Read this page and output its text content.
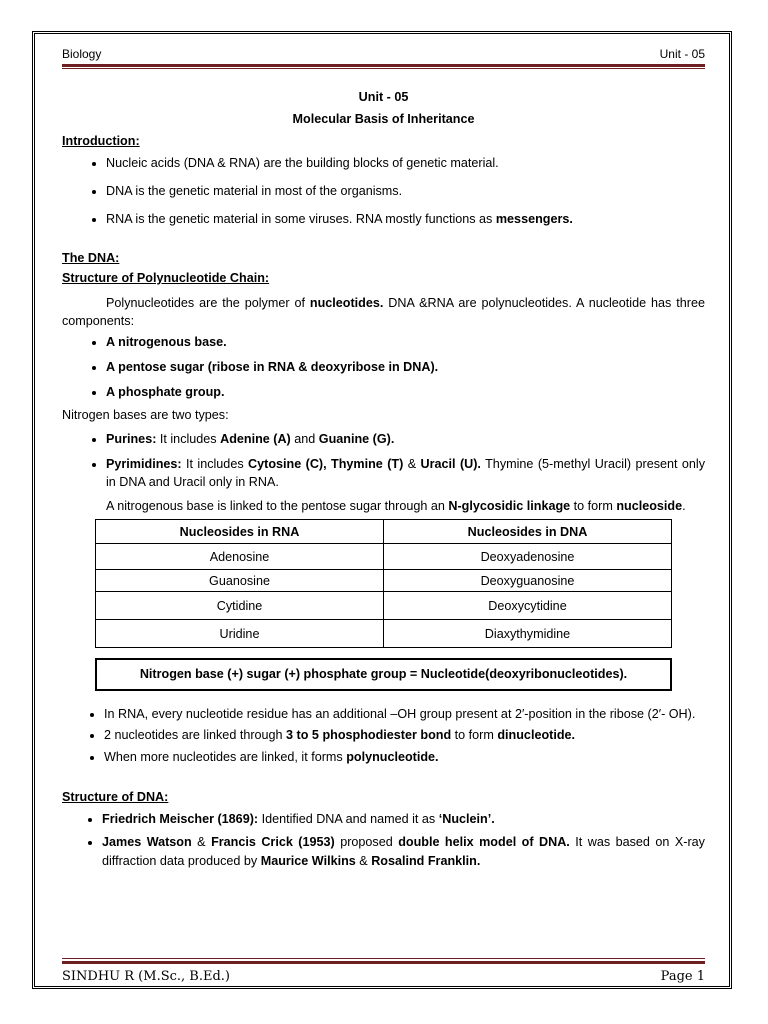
Biology	Unit - 05

Unit - 05

Molecular Basis of Inheritance

Introduction:

• Nucleic acids (DNA & RNA) are the building blocks of genetic material.
• DNA is the genetic material in most of the organisms.
• RNA is the genetic material in some viruses. RNA mostly functions as messengers.

The DNA:

Structure of Polynucleotide Chain:

Polynucleotides are the polymer of nucleotides. DNA &RNA are polynucleotides. A nucleotide has three components:

• A nitrogenous base.
• A pentose sugar (ribose in RNA & deoxyribose in DNA).
• A phosphate group.

Nitrogen bases are two types:

• Purines: It includes Adenine (A) and Guanine (G).
• Pyrimidines: It includes Cytosine (C), Thymine (T) & Uracil (U). Thymine (5-methyl Uracil) present only in DNA and Uracil only in RNA.

A nitrogenous base is linked to the pentose sugar through an N-glycosidic linkage to form nucleoside.

Nucleosides in RNA	Nucleosides in DNA
Adenosine	Deoxyadenosine
Guanosine	Deoxyguanosine
Cytidine	Deoxycytidine
Uridine	Diaxythymidine
Nitrogen base (+) sugar (+) phosphate group = Nucleotide(deoxyribonucleotides).
• In RNA, every nucleotide residue has an additional –OH group present at 2′-position in the ribose (2′- OH).
• 2 nucleotides are linked through 3 to 5 phosphodiester bond to form dinucleotide.
• When more nucleotides are linked, it forms polynucleotide.

Structure of DNA:

• Friedrich Meischer (1869): Identified DNA and named it as ‘Nuclein’.
• James Watson & Francis Crick (1953) proposed double helix model of DNA. It was based on X-ray diffraction data produced by Maurice Wilkins & Rosalind Franklin.
SINDHU R (M.Sc., B.Ed.)	Page 1
